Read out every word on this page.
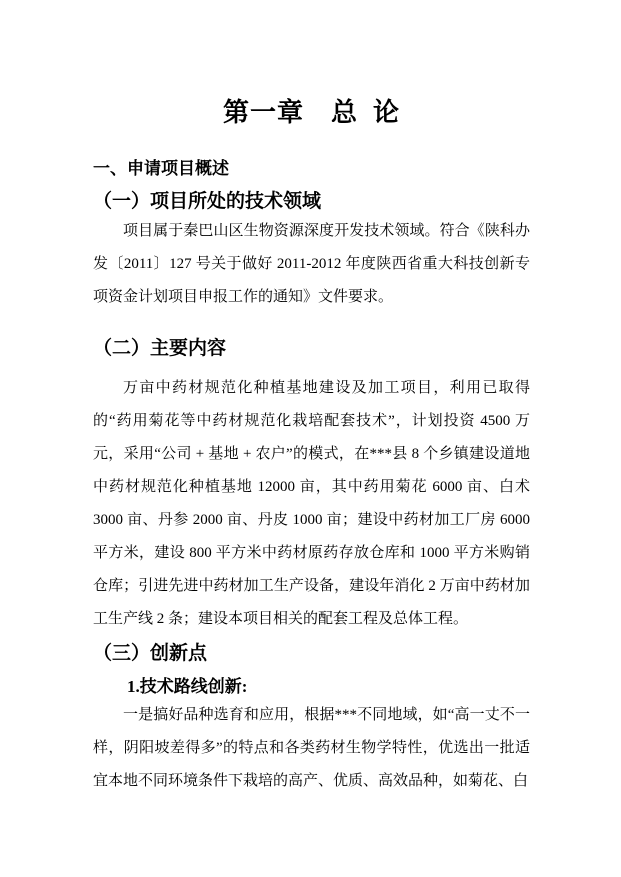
第一章　总  论
一、申请项目概述
（一）项目所处的技术领域

项目属于秦巴山区生物资源深度开发技术领域。符合《陕科办发〔2011〕127 号关于做好 2011-2012 年度陕西省重大科技创新专项资金计划项目申报工作的通知》文件要求。

（二）主要内容

万亩中药材规范化种植基地建设及加工项目，利用已取得的“药用菊花等中药材规范化栽培配套技术”，计划投资 4500 万元，采用“公司 + 基地 + 农户”的模式，在***县 8 个乡镇建设道地中药材规范化种植基地 12000 亩，其中药用菊花 6000 亩、白术 3000 亩、丹参 2000 亩、丹皮 1000 亩；建设中药材加工厂房 6000 平方米，建设 800 平方米中药材原药存放仓库和 1000 平方米购销仓库；引进先进中药材加工生产设备，建设年消化 2 万亩中药材加工生产线 2 条；建设本项目相关的配套工程及总体工程。

（三）创新点
1.技术路线创新:

一是搞好品种选育和应用，根据***不同地域，如“高一丈不一样，阴阳坡差得多”的特点和各类药材生物学特性，优选出一批适宜本地不同环境条件下栽培的高产、优质、高效品种，如菊花、白
